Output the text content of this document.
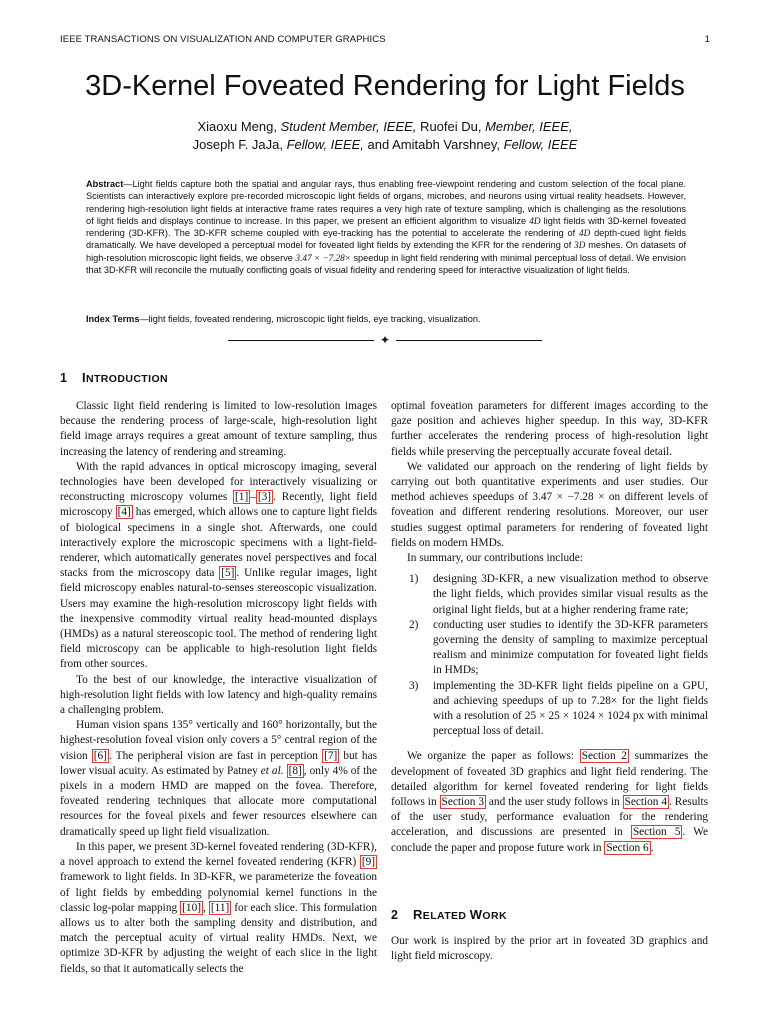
IEEE TRANSACTIONS ON VISUALIZATION AND COMPUTER GRAPHICS	1
3D-Kernel Foveated Rendering for Light Fields
Xiaoxu Meng, Student Member, IEEE, Ruofei Du, Member, IEEE,
Joseph F. JaJa, Fellow, IEEE, and Amitabh Varshney, Fellow, IEEE
Abstract—Light fields capture both the spatial and angular rays, thus enabling free-viewpoint rendering and custom selection of the focal plane. Scientists can interactively explore pre-recorded microscopic light fields of organs, microbes, and neurons using virtual reality headsets. However, rendering high-resolution light fields at interactive frame rates requires a very high rate of texture sampling, which is challenging as the resolutions of light fields and displays continue to increase. In this paper, we present an efficient algorithm to visualize 4D light fields with 3D-kernel foveated rendering (3D-KFR). The 3D-KFR scheme coupled with eye-tracking has the potential to accelerate the rendering of 4D depth-cued light fields dramatically. We have developed a perceptual model for foveated light fields by extending the KFR for the rendering of 3D meshes. On datasets of high-resolution microscopic light fields, we observe 3.47 × −7.28× speedup in light field rendering with minimal perceptual loss of detail. We envision that 3D-KFR will reconcile the mutually conflicting goals of visual fidelity and rendering speed for interactive visualization of light fields.
Index Terms—light fields, foveated rendering, microscopic light fields, eye tracking, visualization.
✦
1 INTRODUCTION

Classic light field rendering is limited to low-resolution images because the rendering process of large-scale, high-resolution light field image arrays requires a great amount of texture sampling, thus increasing the latency of rendering and streaming.

With the rapid advances in optical microscopy imaging, several technologies have been developed for interactively visualizing or reconstructing microscopy volumes [1] – [3] . Recently, light field microscopy [4] has emerged, which allows one to capture light fields of biological specimens in a single shot. Afterwards, one could interactively explore the microscopic specimens with a light-field-renderer, which automatically generates novel perspectives and focal stacks from the microscopy data [5] . Unlike regular images, light field microscopy enables natural-to-senses stereoscopic visualization. Users may examine the high-resolution microscopy light fields with the inexpensive commodity virtual reality head-mounted displays (HMDs) as a natural stereoscopic tool. The method of rendering light field microscopy can be applicable to high-resolution light fields from other sources.

To the best of our knowledge, the interactive visualization of high-resolution light fields with low latency and high-quality remains a challenging problem.

Human vision spans 135° vertically and 160° horizontally, but the highest-resolution foveal vision only covers a 5° central region of the vision [6] . The peripheral vision are fast in perception [7] but has lower visual acuity. As estimated by Patney et al. [8] , only 4% of the pixels in a modern HMD are mapped on the fovea. Therefore, foveated rendering techniques that allocate more computational resources for the foveal pixels and fewer resources elsewhere can dramatically speed up light field visualization.

In this paper, we present 3D-kernel foveated rendering (3D-KFR), a novel approach to extend the kernel foveated rendering (KFR) [9] framework to light fields. In 3D-KFR, we parameterize the foveation of light fields by embedding polynomial kernel functions in the classic log-polar mapping [10] , [11] for each slice. This formulation allows us to alter both the sampling density and distribution, and match the perceptual acuity of virtual reality HMDs. Next, we optimize 3D-KFR by adjusting the weight of each slice in the light fields, so that it automatically selects the

optimal foveation parameters for different images according to the gaze position and achieves higher speedup. In this way, 3D-KFR further accelerates the rendering process of high-resolution light fields while preserving the perceptually accurate foveal detail.

We validated our approach on the rendering of light fields by carrying out both quantitative experiments and user studies. Our method achieves speedups of 3.47 × −7.28 × on different levels of foveation and different rendering resolutions. Moreover, our user studies suggest optimal parameters for rendering of foveated light fields on modern HMDs.

In summary, our contributions include:

1) designing 3D-KFR, a new visualization method to observe the light fields, which provides similar visual results as the original light fields, but at a higher rendering frame rate;
2) conducting user studies to identify the 3D-KFR parameters governing the density of sampling to maximize perceptual realism and minimize computation for foveated light fields in HMDs;
3) implementing the 3D-KFR light fields pipeline on a GPU, and achieving speedups of up to 7.28× for the light fields with a resolution of 25 × 25 × 1024 × 1024 px with minimal perceptual loss of detail.

We organize the paper as follows: Section 2 summarizes the development of foveated 3D graphics and light field rendering. The detailed algorithm for kernel foveated rendering for light fields follows in Section 3 and the user study follows in Section 4 . Results of the user study, performance evaluation for the rendering acceleration, and discussions are presented in Section 5 . We conclude the paper and propose future work in Section 6 .

2 RELATED WORK

Our work is inspired by the prior art in foveated 3D graphics and light field microscopy.
